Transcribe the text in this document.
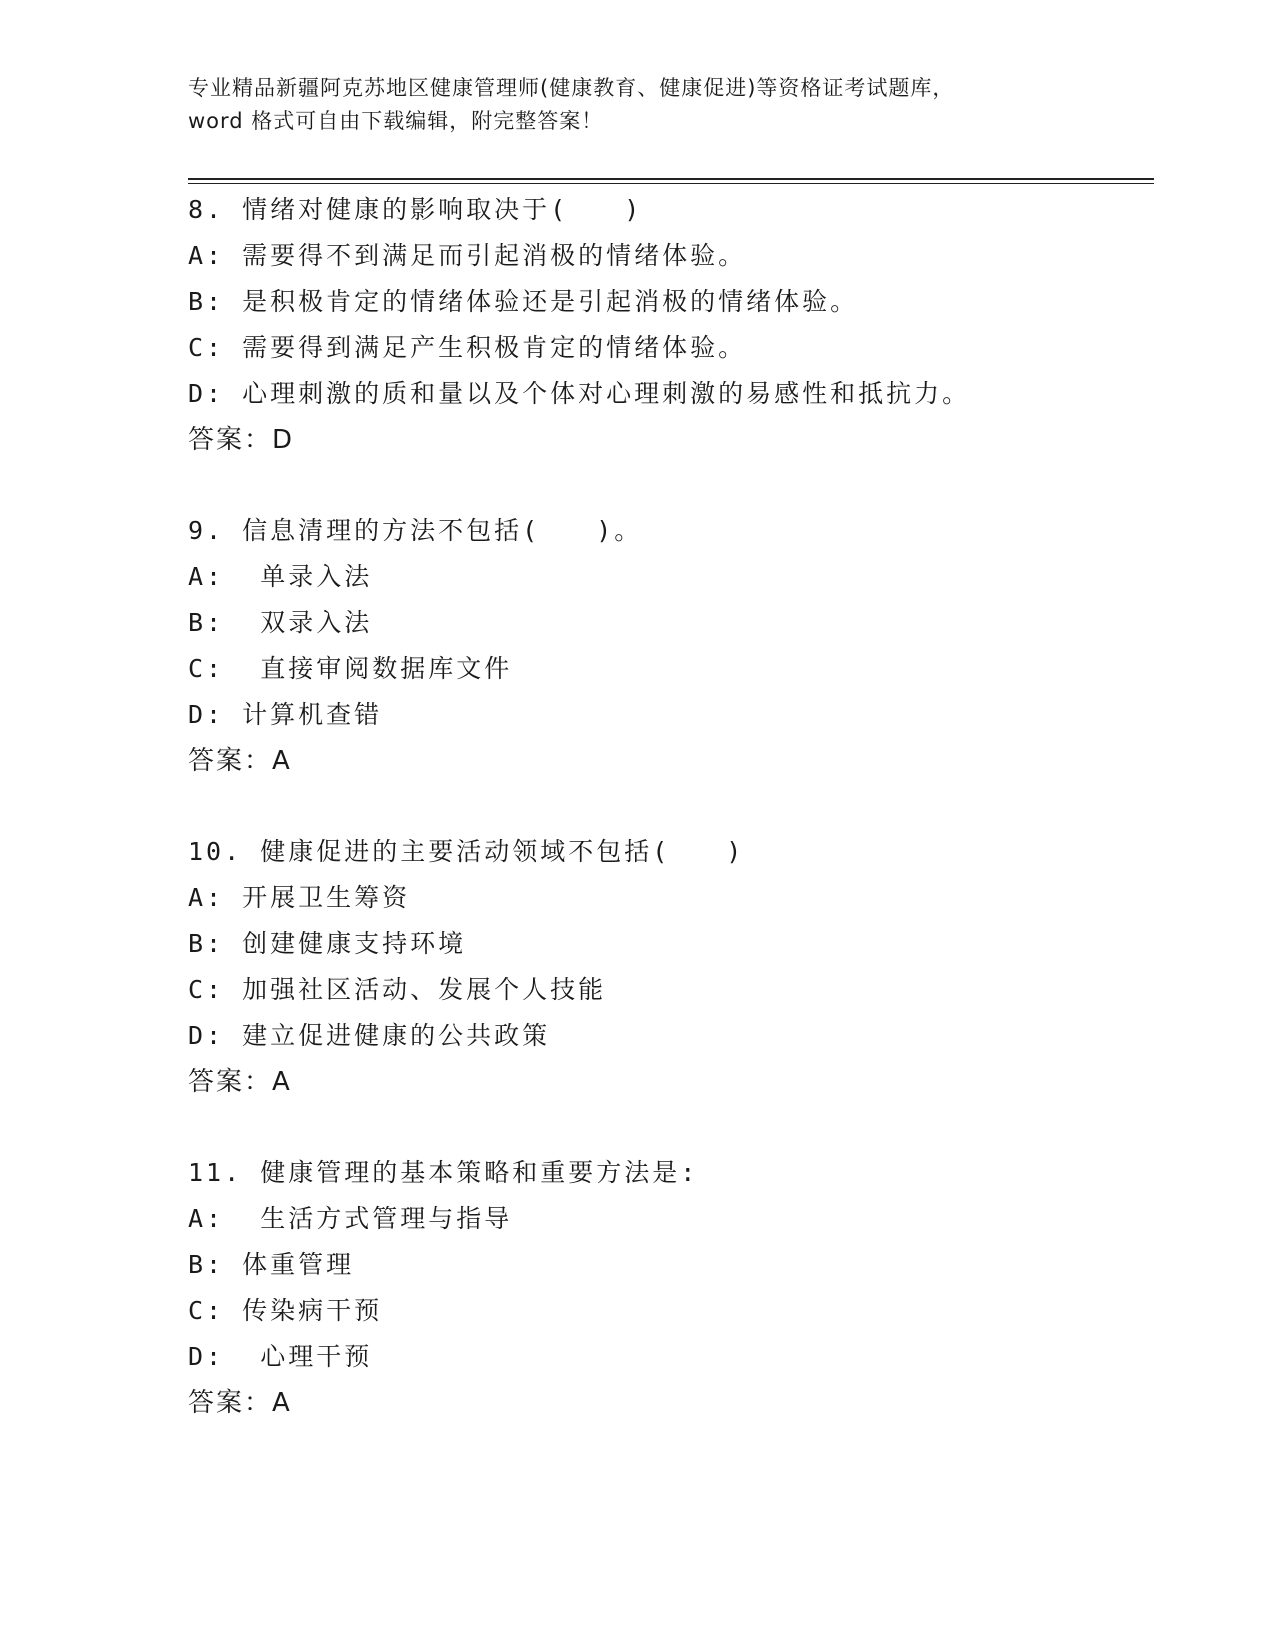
专业精品新疆阿克苏地区健康管理师(健康教育、健康促进)等资格证考试题库，
word 格式可自由下载编辑，附完整答案！
8. 情绪对健康的影响取决于(　　)
A: 需要得不到满足而引起消极的情绪体验。
B: 是积极肯定的情绪体验还是引起消极的情绪体验。
C: 需要得到满足产生积极肯定的情绪体验。
D: 心理刺激的质和量以及个体对心理刺激的易感性和抵抗力。
答案：D
9. 信息清理的方法不包括(　　)。
A:  单录入法
B:  双录入法
C:  直接审阅数据库文件
D: 计算机查错
答案：A
10. 健康促进的主要活动领域不包括(　　)
A: 开展卫生筹资
B: 创建健康支持环境
C: 加强社区活动、发展个人技能
D: 建立促进健康的公共政策
答案：A
11. 健康管理的基本策略和重要方法是:
A:  生活方式管理与指导
B: 体重管理
C: 传染病干预
D:  心理干预
答案：A
